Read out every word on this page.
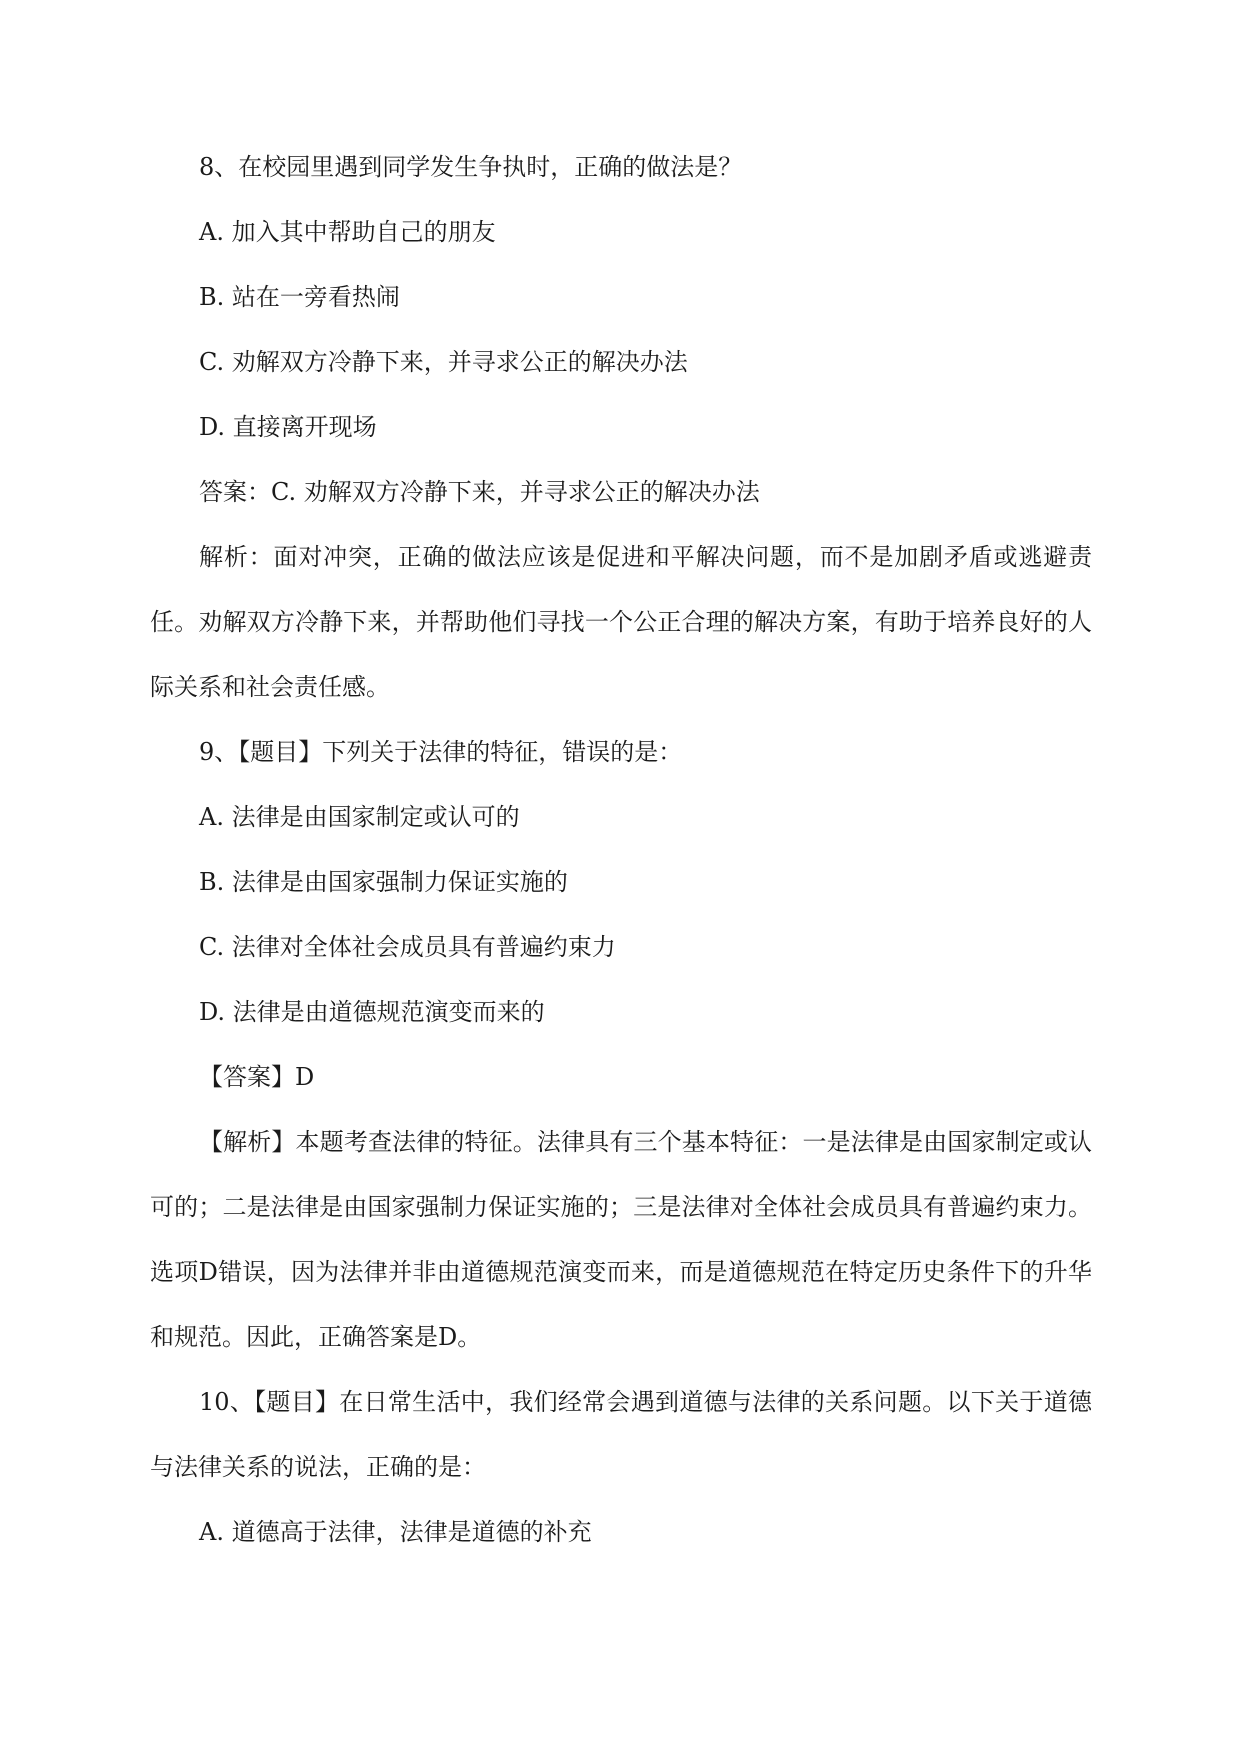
8、在校园里遇到同学发生争执时，正确的做法是？

A. 加入其中帮助自己的朋友

B. 站在一旁看热闹

C. 劝解双方冷静下来，并寻求公正的解决办法

D. 直接离开现场

答案：C. 劝解双方冷静下来，并寻求公正的解决办法

解析：面对冲突，正确的做法应该是促进和平解决问题，而不是加剧矛盾或逃避责任。劝解双方冷静下来，并帮助他们寻找一个公正合理的解决方案，有助于培养良好的人际关系和社会责任感。

9、【题目】下列关于法律的特征，错误的是：

A. 法律是由国家制定或认可的

B. 法律是由国家强制力保证实施的

C. 法律对全体社会成员具有普遍约束力

D. 法律是由道德规范演变而来的

【答案】D

【解析】本题考查法律的特征。法律具有三个基本特征：一是法律是由国家制定或认可的；二是法律是由国家强制力保证实施的；三是法律对全体社会成员具有普遍约束力。选项D错误，因为法律并非由道德规范演变而来，而是道德规范在特定历史条件下的升华和规范。因此，正确答案是D。

10、【题目】在日常生活中，我们经常会遇到道德与法律的关系问题。以下关于道德与法律关系的说法，正确的是：

A. 道德高于法律，法律是道德的补充
